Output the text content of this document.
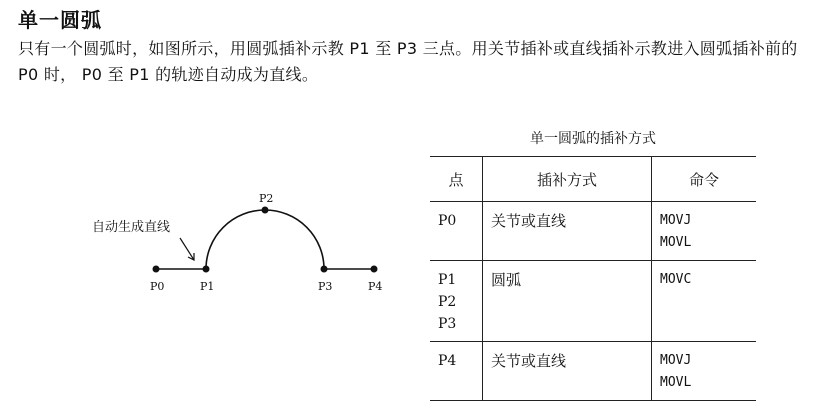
单一圆弧
只有一个圆弧时，如图所示，用圆弧插补示教 P1 至 P3 三点。用关节插补或直线插补示教进入圆弧插补前的 P0 时， P0 至 P1 的轨迹自动成为直线。
P0	P1
P2
P3	P4
自动生成直线
单一圆弧的插补方式
点	插补方式	命令

P0	关节或直线	MOVJ
MOVL

P1
P2
P3	圆弧	MOVC

P4	关节或直线	MOVJ
MOVL
